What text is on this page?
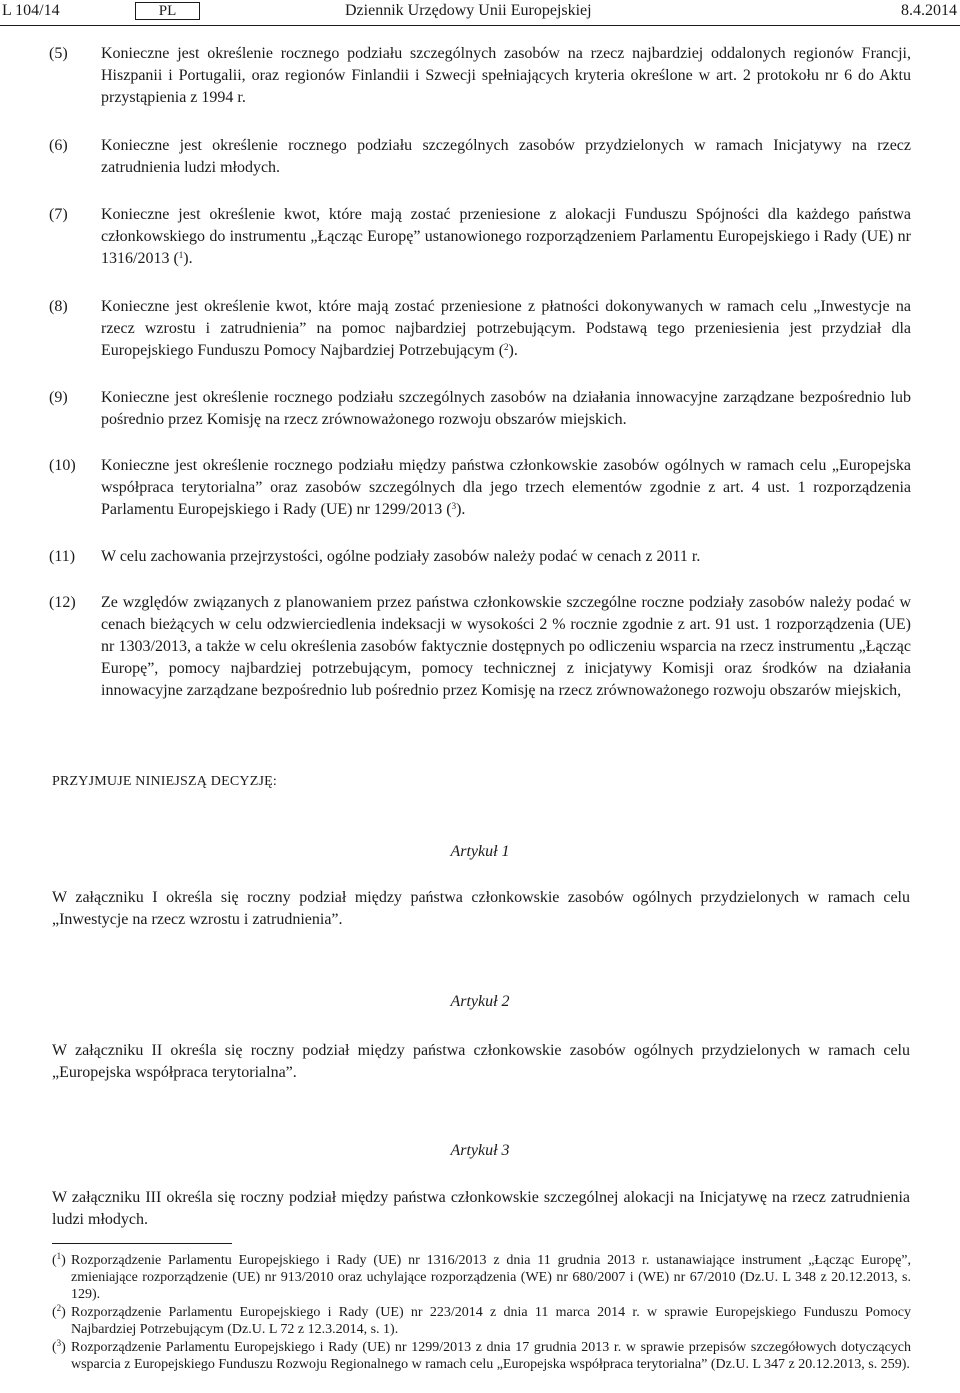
L 104/14	PL	Dziennik Urzędowy Unii Europejskiej	8.4.2014
(5) Konieczne jest określenie rocznego podziału szczególnych zasobów na rzecz najbardziej oddalonych regionów Francji, Hiszpanii i Portugalii, oraz regionów Finlandii i Szwecji spełniających kryteria określone w art. 2 protokołu nr 6 do Aktu przystąpienia z 1994 r.
(6) Konieczne jest określenie rocznego podziału szczególnych zasobów przydzielonych w ramach Inicjatywy na rzecz zatrudnienia ludzi młodych.
(7) Konieczne jest określenie kwot, które mają zostać przeniesione z alokacji Funduszu Spójności dla każdego państwa członkowskiego do instrumentu „Łącząc Europę” ustanowionego rozporządzeniem Parlamentu Europejskiego i Rady (UE) nr 1316/2013 ($^1$).
(8) Konieczne jest określenie kwot, które mają zostać przeniesione z płatności dokonywanych w ramach celu „Inwestycje na rzecz wzrostu i zatrudnienia” na pomoc najbardziej potrzebującym. Podstawą tego przeniesienia jest przydział dla Europejskiego Funduszu Pomocy Najbardziej Potrzebującym ($^2$).
(9) Konieczne jest określenie rocznego podziału szczególnych zasobów na działania innowacyjne zarządzane bezpośrednio lub pośrednio przez Komisję na rzecz zrównoważonego rozwoju obszarów miejskich.
(10) Konieczne jest określenie rocznego podziału między państwa członkowskie zasobów ogólnych w ramach celu „Europejska współpraca terytorialna” oraz zasobów szczególnych dla jego trzech elementów zgodnie z art. 4 ust. 1 rozporządzenia Parlamentu Europejskiego i Rady (UE) nr 1299/2013 ($^3$).
(11) W celu zachowania przejrzystości, ogólne podziały zasobów należy podać w cenach z 2011 r.
(12) Ze względów związanych z planowaniem przez państwa członkowskie szczególne roczne podziały zasobów należy podać w cenach bieżących w celu odzwierciedlenia indeksacji w wysokości 2 % rocznie zgodnie z art. 91 ust. 1 rozporządzenia (UE) nr 1303/2013, a także w celu określenia zasobów faktycznie dostępnych po odliczeniu wsparcia na rzecz instrumentu „Łącząc Europę”, pomocy najbardziej potrzebującym, pomocy technicznej z inicjatywy Komisji oraz środków na działania innowacyjne zarządzane bezpośrednio lub pośrednio przez Komisję na rzecz zrównoważonego rozwoju obszarów miejskich,
PRZYJMUJE NINIEJSZĄ DECYZJĘ:
Artykuł 1
W załączniku I określa się roczny podział między państwa członkowskie zasobów ogólnych przydzielonych w ramach celu „Inwestycje na rzecz wzrostu i zatrudnienia”.
Artykuł 2
W załączniku II określa się roczny podział między państwa członkowskie zasobów ogólnych przydzielonych w ramach celu „Europejska współpraca terytorialna”.
Artykuł 3
W załączniku III określa się roczny podział między państwa członkowskie szczególnej alokacji na Inicjatywę na rzecz zatrudnienia ludzi młodych.
($^1$) Rozporządzenie Parlamentu Europejskiego i Rady (UE) nr 1316/2013 z dnia 11 grudnia 2013 r. ustanawiające instrument „Łącząc Europę”, zmieniające rozporządzenie (UE) nr 913/2010 oraz uchylające rozporządzenia (WE) nr 680/2007 i (WE) nr 67/2010 (Dz.U. L 348 z 20.12.2013, s. 129).
($^2$) Rozporządzenie Parlamentu Europejskiego i Rady (UE) nr 223/2014 z dnia 11 marca 2014 r. w sprawie Europejskiego Funduszu Pomocy Najbardziej Potrzebującym (Dz.U. L 72 z 12.3.2014, s. 1).
($^3$) Rozporządzenie Parlamentu Europejskiego i Rady (UE) nr 1299/2013 z dnia 17 grudnia 2013 r. w sprawie przepisów szczegółowych dotyczących wsparcia z Europejskiego Funduszu Rozwoju Regionalnego w ramach celu „Europejska współpraca terytorialna” (Dz.U. L 347 z 20.12.2013, s. 259).
